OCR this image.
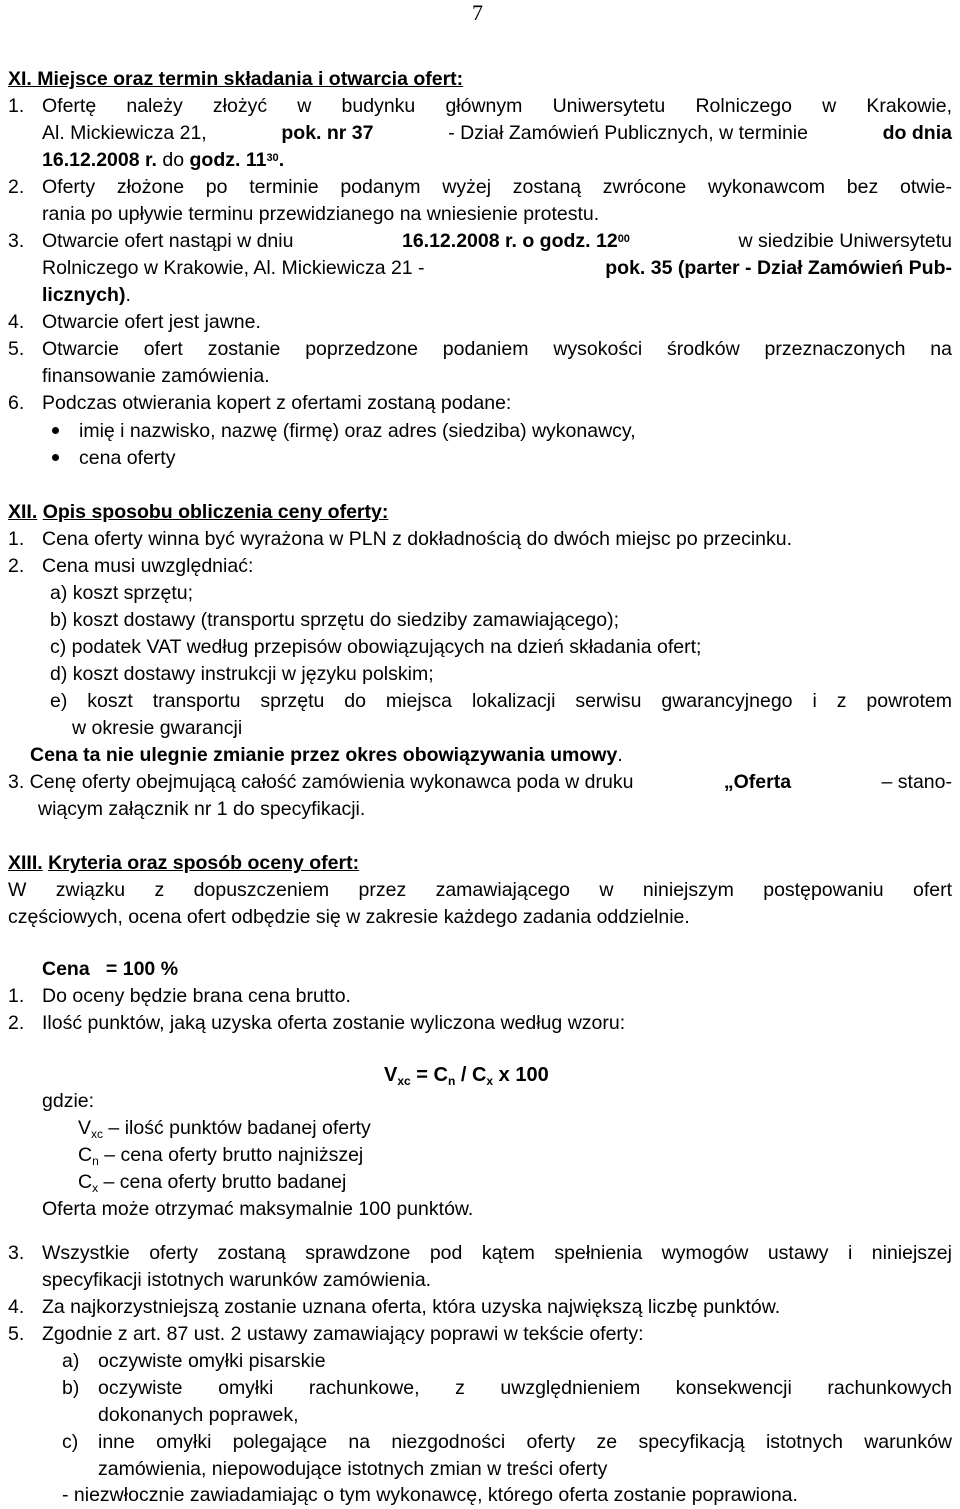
7
XI. Miejsce oraz termin składania i otwarcia ofert:
1. Ofertę należy złożyć w budynku głównym Uniwersytetu Rolniczego w Krakowie,
Al. Mickiewicza 21,	pok. nr 37	- Dział Zamówień Publicznych, w terminie	do dnia
16.12.2008 r. do godz. $11^{30}$.
2. Oferty złożone po terminie podanym wyżej zostaną zwrócone wykonawcom bez otwie-
rania po upływie terminu przewidzianego na wniesienie protestu.
3. Otwarcie ofert nastąpi w dniu	16.12.2008 r. o godz. $12^{00}$	w siedzibie Uniwersytetu
Rolniczego w Krakowie, Al. Mickiewicza 21 -	pok. 35 (parter - Dział Zamówień Pub-
licznych).
4. Otwarcie ofert jest jawne.
5. Otwarcie ofert zostanie poprzedzone podaniem wysokości środków przeznaczonych na
finansowanie zamówienia.
6. Podczas otwierania kopert z ofertami zostaną podane:
imię i nazwisko, nazwę (firmę) oraz adres (siedziba) wykonawcy,
cena oferty
XII. Opis sposobu obliczenia ceny oferty:
1. Cena oferty winna być wyrażona w PLN z dokładnością do dwóch miejsc po przecinku.
2. Cena musi uwzględniać:
a) koszt sprzętu;
b) koszt dostawy (transportu sprzętu do siedziby zamawiającego);
c) podatek VAT według przepisów obowiązujących na dzień składania ofert;
d) koszt dostawy instrukcji w języku polskim;
e) koszt transportu sprzętu do miejsca lokalizacji serwisu gwarancyjnego i z powrotem
w okresie gwarancji
Cena ta nie ulegnie zmianie przez okres obowiązywania umowy.
3. Cenę oferty obejmującą całość zamówienia wykonawca poda w druku	„Oferta	– stano-
wiącym załącznik nr 1 do specyfikacji.
XIII. Kryteria oraz sposób oceny ofert:
W związku z dopuszczeniem przez zamawiającego w niniejszym postępowaniu ofert
częściowych, ocena ofert odbędzie się w zakresie każdego zadania oddzielnie.
Cena   = 100 %
1. Do oceny będzie brana cena brutto.
2. Ilość punktów, jaką uzyska oferta zostanie wyliczona według wzoru:
$V_{xc} = C_n / C_x$ x 100
gdzie:
$V_{xc}$ – ilość punktów badanej oferty
$C_n$ – cena oferty brutto najniższej
$C_x$ – cena oferty brutto badanej
Oferta może otrzymać maksymalnie 100 punktów.
3. Wszystkie oferty zostaną sprawdzone pod kątem spełnienia wymogów ustawy i niniejszej
specyfikacji istotnych warunków zamówienia.
4. Za najkorzystniejszą zostanie uznana oferta, która uzyska największą liczbę punktów.
5. Zgodnie z art. 87 ust. 2 ustawy zamawiający poprawi w tekście oferty:
a) oczywiste omyłki pisarskie
b) oczywiste omyłki rachunkowe, z uwzględnieniem konsekwencji rachunkowych
dokonanych poprawek,
c) inne omyłki polegające na niezgodności oferty ze specyfikacją istotnych warunków
zamówienia, niepowodujące istotnych zmian w treści oferty
- niezwłocznie zawiadamiając o tym wykonawcę, którego oferta zostanie poprawiona.
